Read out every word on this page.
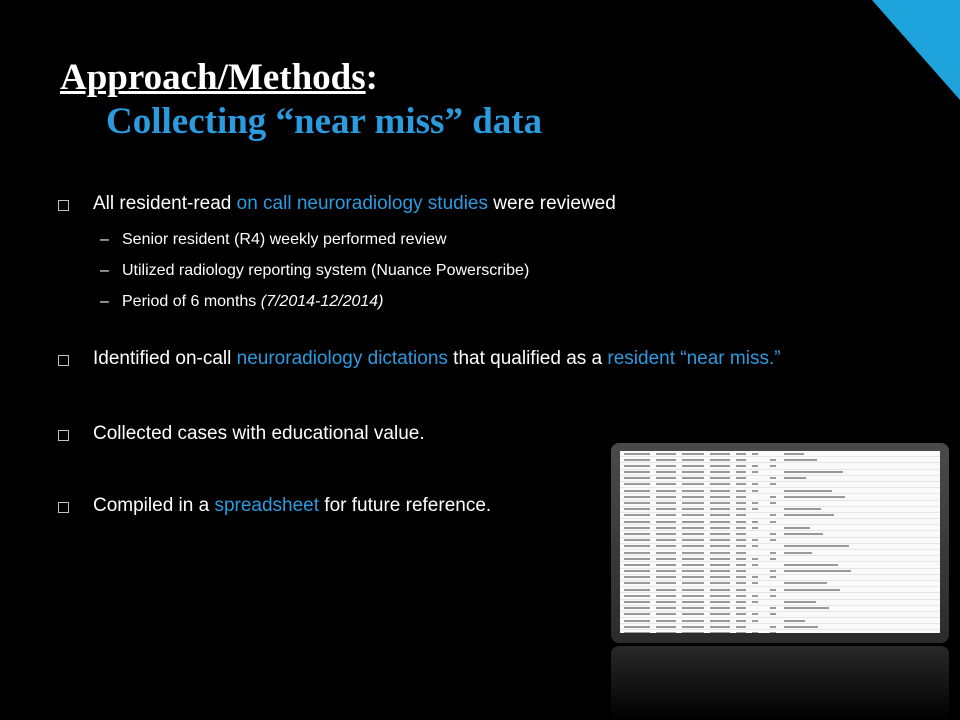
Approach/Methods:
Collecting “near miss” data
All resident-read on call neuroradiology studies were reviewed
– Senior resident (R4) weekly performed review
– Utilized radiology reporting system (Nuance Powerscribe)
– Period of 6 months (7/2014-12/2014)
Identified on-call neuroradiology dictations that qualified as a resident “near miss.”
Collected cases with educational value.
Compiled in a spreadsheet for future reference.
